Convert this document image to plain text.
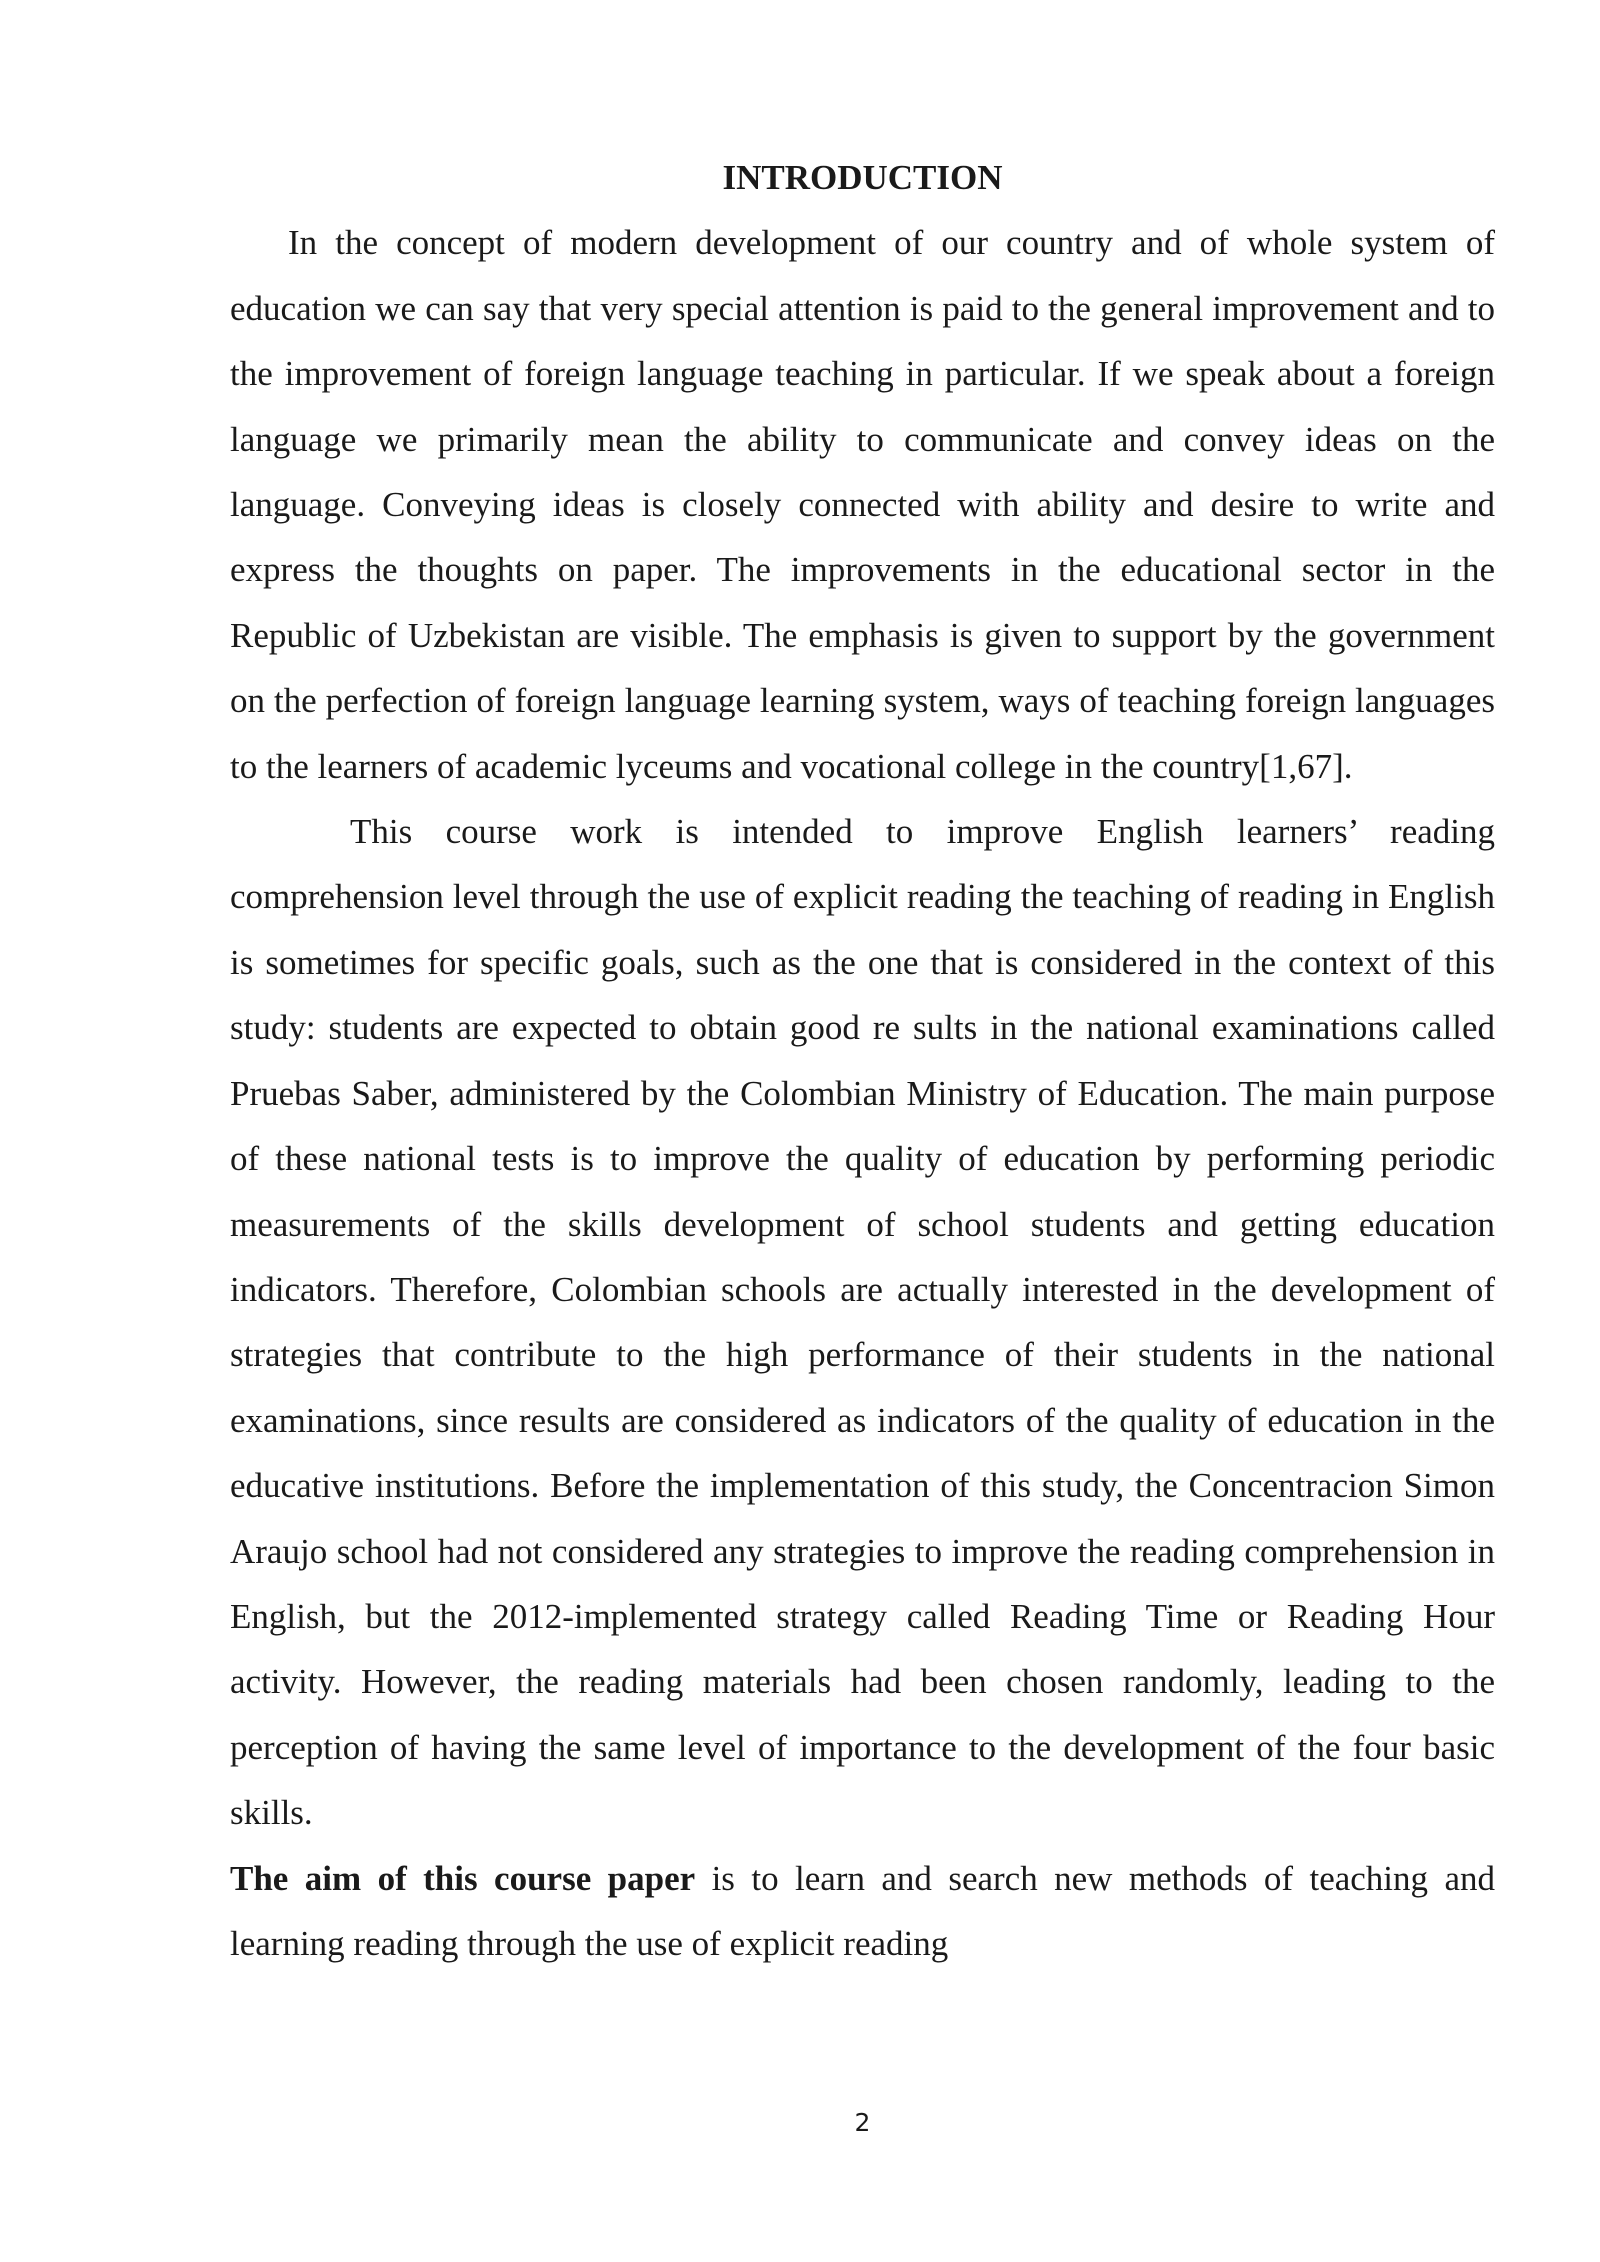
INTRODUCTION

In the concept of modern development of our country and of whole system of education we can say that very special attention is paid to the general improvement and to the improvement of foreign language teaching in particular. If we speak about a foreign language we primarily mean the ability to communicate and convey ideas on the language. Conveying ideas is closely connected with ability and desire to write and express the thoughts on paper. The improvements in the educational sector in the Republic of Uzbekistan are visible. The emphasis is given to support by the government on the perfection of foreign language learning system, ways of teaching foreign languages to the learners of academic lyceums and vocational college in the country[1,67].

This course work is intended to improve English learners’ reading comprehension level through the use of explicit reading the teaching of reading in English is sometimes for specific goals, such as the one that is considered in the context of this study: students are expected to obtain good re sults in the national examinations called Pruebas Saber, administered by the Colombian Ministry of Education. The main purpose of these national tests is to improve the quality of education by performing periodic measurements of the skills development of school students and getting education indicators. Therefore, Colombian schools are actually interested in the development of strategies that contribute to the high performance of their students in the national examinations, since results are considered as indicators of the quality of education in the educative institutions. Before the implementation of this study, the Concentracion Simon Araujo school had not considered any strategies to improve the reading comprehension in English, but the 2012-implemented strategy called Reading Time or Reading Hour activity. However, the reading materials had been chosen randomly, leading to the perception of having the same level of importance to the development of the four basic skills.

The aim of this course paper is to learn and search new methods of teaching and learning reading through the use of explicit reading

2
